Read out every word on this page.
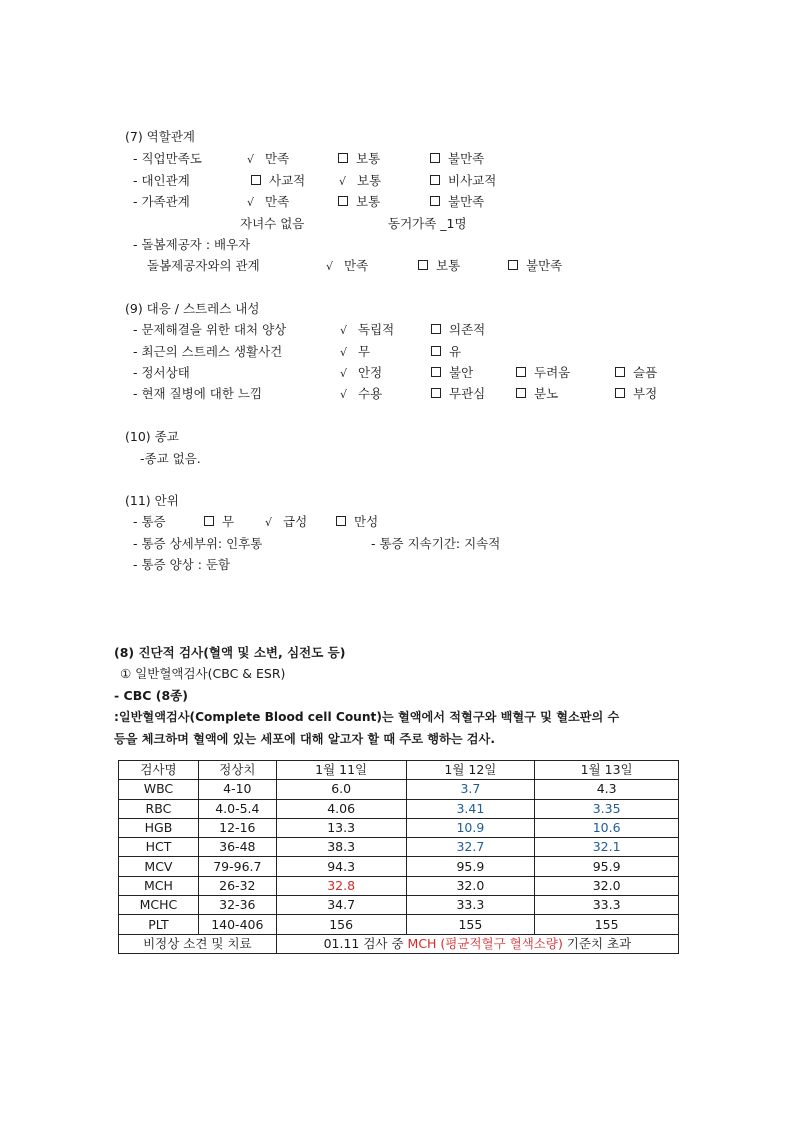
(7) 역할관계
- 직업만족도	√ 만족	보통	불만족
- 대인관계	사교적	√ 보통	비사교적
- 가족관계	√ 만족	보통	불만족
자녀수 없음	동거가족 _1명
- 돌봄제공자 : 배우자
돌봄제공자와의 관계	√ 만족	보통	불만족
(9) 대응 / 스트레스 내성
- 문제해결을 위한 대처 양상	√ 독립적	의존적
- 최근의 스트레스 생활사건	√ 무	유
- 정서상태	√ 안정	불안	두려움	슬픔
- 현재 질병에 대한 느낌	√ 수용	무관심	분노	부정
(10) 종교
-종교 없음.
(11) 안위
- 통증	무	√ 급성	만성
- 통증 상세부위: 인후통	- 통증 지속기간: 지속적
- 통증 양상 : 둔함
(8) 진단적 검사(혈액 및 소변, 심전도 등)
① 일반혈액검사(CBC & ESR)
- CBC (8종)
:일반혈액검사(Complete Blood cell Count)는 혈액에서 적혈구와 백혈구 및 혈소판의 수
등을 체크하며 혈액에 있는 세포에 대해 알고자 할 때 주로 행하는 검사.
검사명	정상치	1월 11일	1월 12일	1월 13일
WBC	4-10	6.0	3.7	4.3
RBC	4.0-5.4	4.06	3.41	3.35
HGB	12-16	13.3	10.9	10.6
HCT	36-48	38.3	32.7	32.1
MCV	79-96.7	94.3	95.9	95.9
MCH	26-32	32.8	32.0	32.0
MCHC	32-36	34.7	33.3	33.3
PLT	140-406	156	155	155
비정상 소견 및 치료		01.11 검사 중 MCH (평균적혈구 혈색소량) 기준치 초과		
